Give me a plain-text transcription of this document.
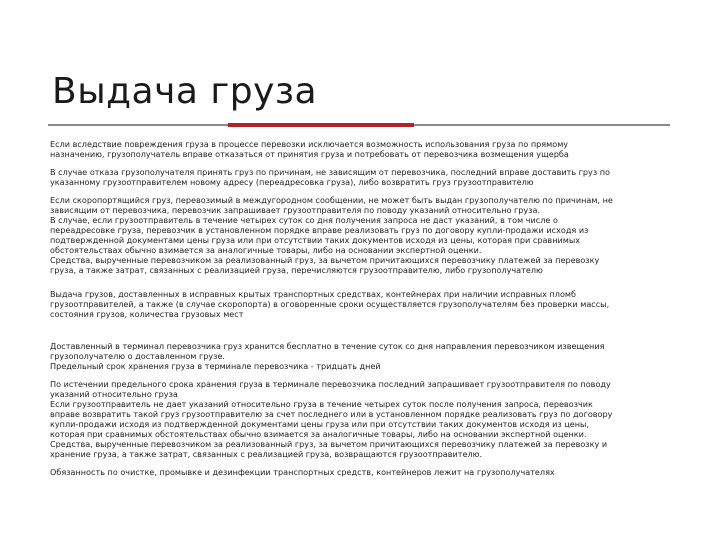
Выдача груза

Если вследствие повреждения груза в процессе перевозки исключается возможность использования груза по прямому
назначению, грузополучатель вправе отказаться от принятия груза и потребовать от перевозчика возмещения ущерба

В случае отказа грузополучателя принять груз по причинам, не зависящим от перевозчика, последний вправе доставить груз по
указанному грузоотправителем новому адресу (переадресовка груза), либо возвратить груз грузоотправителю

Если скоропортящийся груз, перевозимый в междугородном сообщении, не может быть выдан грузополучателю по причинам, не
зависящим от перевозчика, перевозчик запрашивает грузоотправителя по поводу указаний относительно груза.
В случае, если грузоотправитель в течение четырех суток со дня получения запроса не даст указаний, в том числе о
переадресовке груза, перевозчик в установленном порядке вправе реализовать груз по договору купли-продажи исходя из
подтвержденной документами цены груза или при отсутствии таких документов исходя из цены, которая при сравнимых
обстоятельствах обычно взимается за аналогичные товары, либо на основании экспертной оценки.
Средства, вырученные перевозчиком за реализованный груз, за вычетом причитающихся перевозчику платежей за перевозку
груза, а также затрат, связанных с реализацией груза, перечисляются грузоотправителю, либо грузополучателю

Выдача грузов, доставленных в исправных крытых транспортных средствах, контейнерах при наличии исправных пломб
грузоотправителей, а также (в случае скоропорта) в оговоренные сроки осуществляется грузополучателям без проверки массы,
состояния грузов, количества грузовых мест

Доставленный в терминал перевозчика груз хранится бесплатно в течение суток со дня направления перевозчиком извещения
грузополучателю о доставленном грузе.
Предельный срок хранения груза в терминале перевозчика - тридцать дней

По истечении предельного срока хранения груза в терминале перевозчика последний запрашивает грузоотправителя по поводу
указаний относительно груза
Если грузоотправитель не дает указаний относительно груза в течение четырех суток после получения запроса, перевозчик
вправе возвратить такой груз грузоотправителю за счет последнего или в установленном порядке реализовать груз по договору
купли-продажи исходя из подтвержденной документами цены груза или при отсутствии таких документов исходя из цены,
которая при сравнимых обстоятельствах обычно взимается за аналогичные товары, либо на основании экспертной оценки.
Средства, вырученные перевозчиком за реализованный груз, за вычетом причитающихся перевозчику платежей за перевозку и
хранение груза, а также затрат, связанных с реализацией груза, возвращаются грузоотправителю.

Обязанность по очистке, промывке и дезинфекции транспортных средств, контейнеров лежит на грузополучателях
